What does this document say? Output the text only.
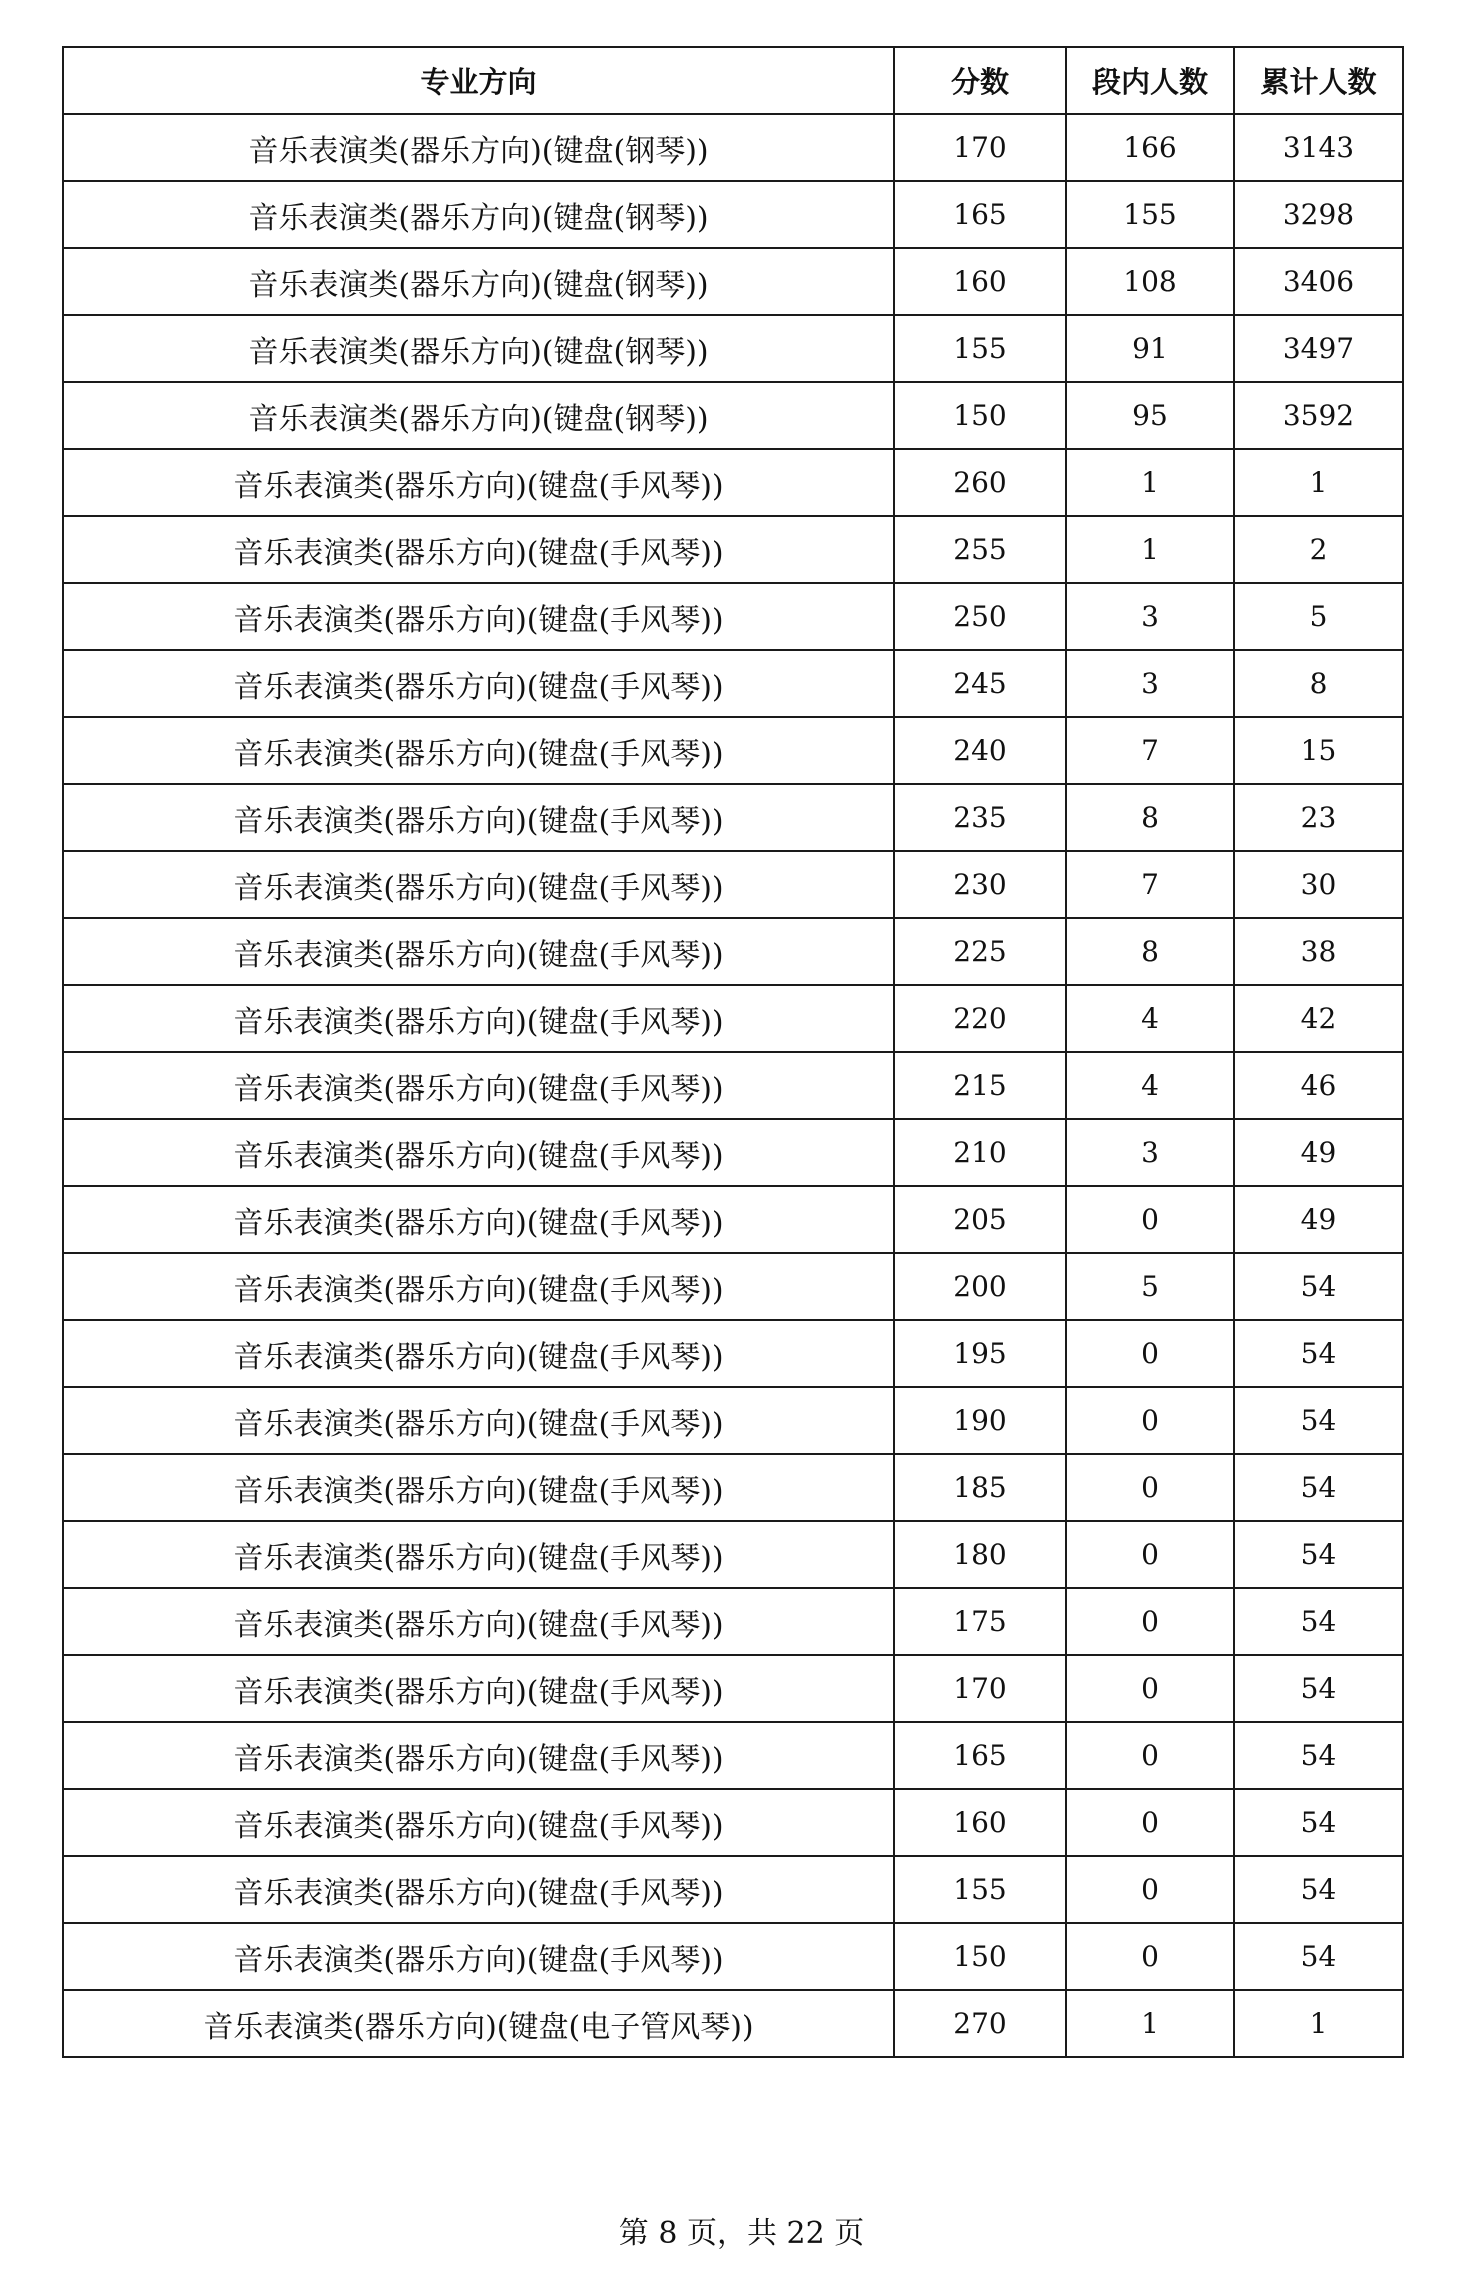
专业方向	分数	段内人数	累计人数
音乐表演类(器乐方向)(键盘(钢琴))	170	166	3143
音乐表演类(器乐方向)(键盘(钢琴))	165	155	3298
音乐表演类(器乐方向)(键盘(钢琴))	160	108	3406
音乐表演类(器乐方向)(键盘(钢琴))	155	91	3497
音乐表演类(器乐方向)(键盘(钢琴))	150	95	3592
音乐表演类(器乐方向)(键盘(手风琴))	260	1	1
音乐表演类(器乐方向)(键盘(手风琴))	255	1	2
音乐表演类(器乐方向)(键盘(手风琴))	250	3	5
音乐表演类(器乐方向)(键盘(手风琴))	245	3	8
音乐表演类(器乐方向)(键盘(手风琴))	240	7	15
音乐表演类(器乐方向)(键盘(手风琴))	235	8	23
音乐表演类(器乐方向)(键盘(手风琴))	230	7	30
音乐表演类(器乐方向)(键盘(手风琴))	225	8	38
音乐表演类(器乐方向)(键盘(手风琴))	220	4	42
音乐表演类(器乐方向)(键盘(手风琴))	215	4	46
音乐表演类(器乐方向)(键盘(手风琴))	210	3	49
音乐表演类(器乐方向)(键盘(手风琴))	205	0	49
音乐表演类(器乐方向)(键盘(手风琴))	200	5	54
音乐表演类(器乐方向)(键盘(手风琴))	195	0	54
音乐表演类(器乐方向)(键盘(手风琴))	190	0	54
音乐表演类(器乐方向)(键盘(手风琴))	185	0	54
音乐表演类(器乐方向)(键盘(手风琴))	180	0	54
音乐表演类(器乐方向)(键盘(手风琴))	175	0	54
音乐表演类(器乐方向)(键盘(手风琴))	170	0	54
音乐表演类(器乐方向)(键盘(手风琴))	165	0	54
音乐表演类(器乐方向)(键盘(手风琴))	160	0	54
音乐表演类(器乐方向)(键盘(手风琴))	155	0	54
音乐表演类(器乐方向)(键盘(手风琴))	150	0	54
音乐表演类(器乐方向)(键盘(电子管风琴))	270	1	1
第 8 页，共 22 页
